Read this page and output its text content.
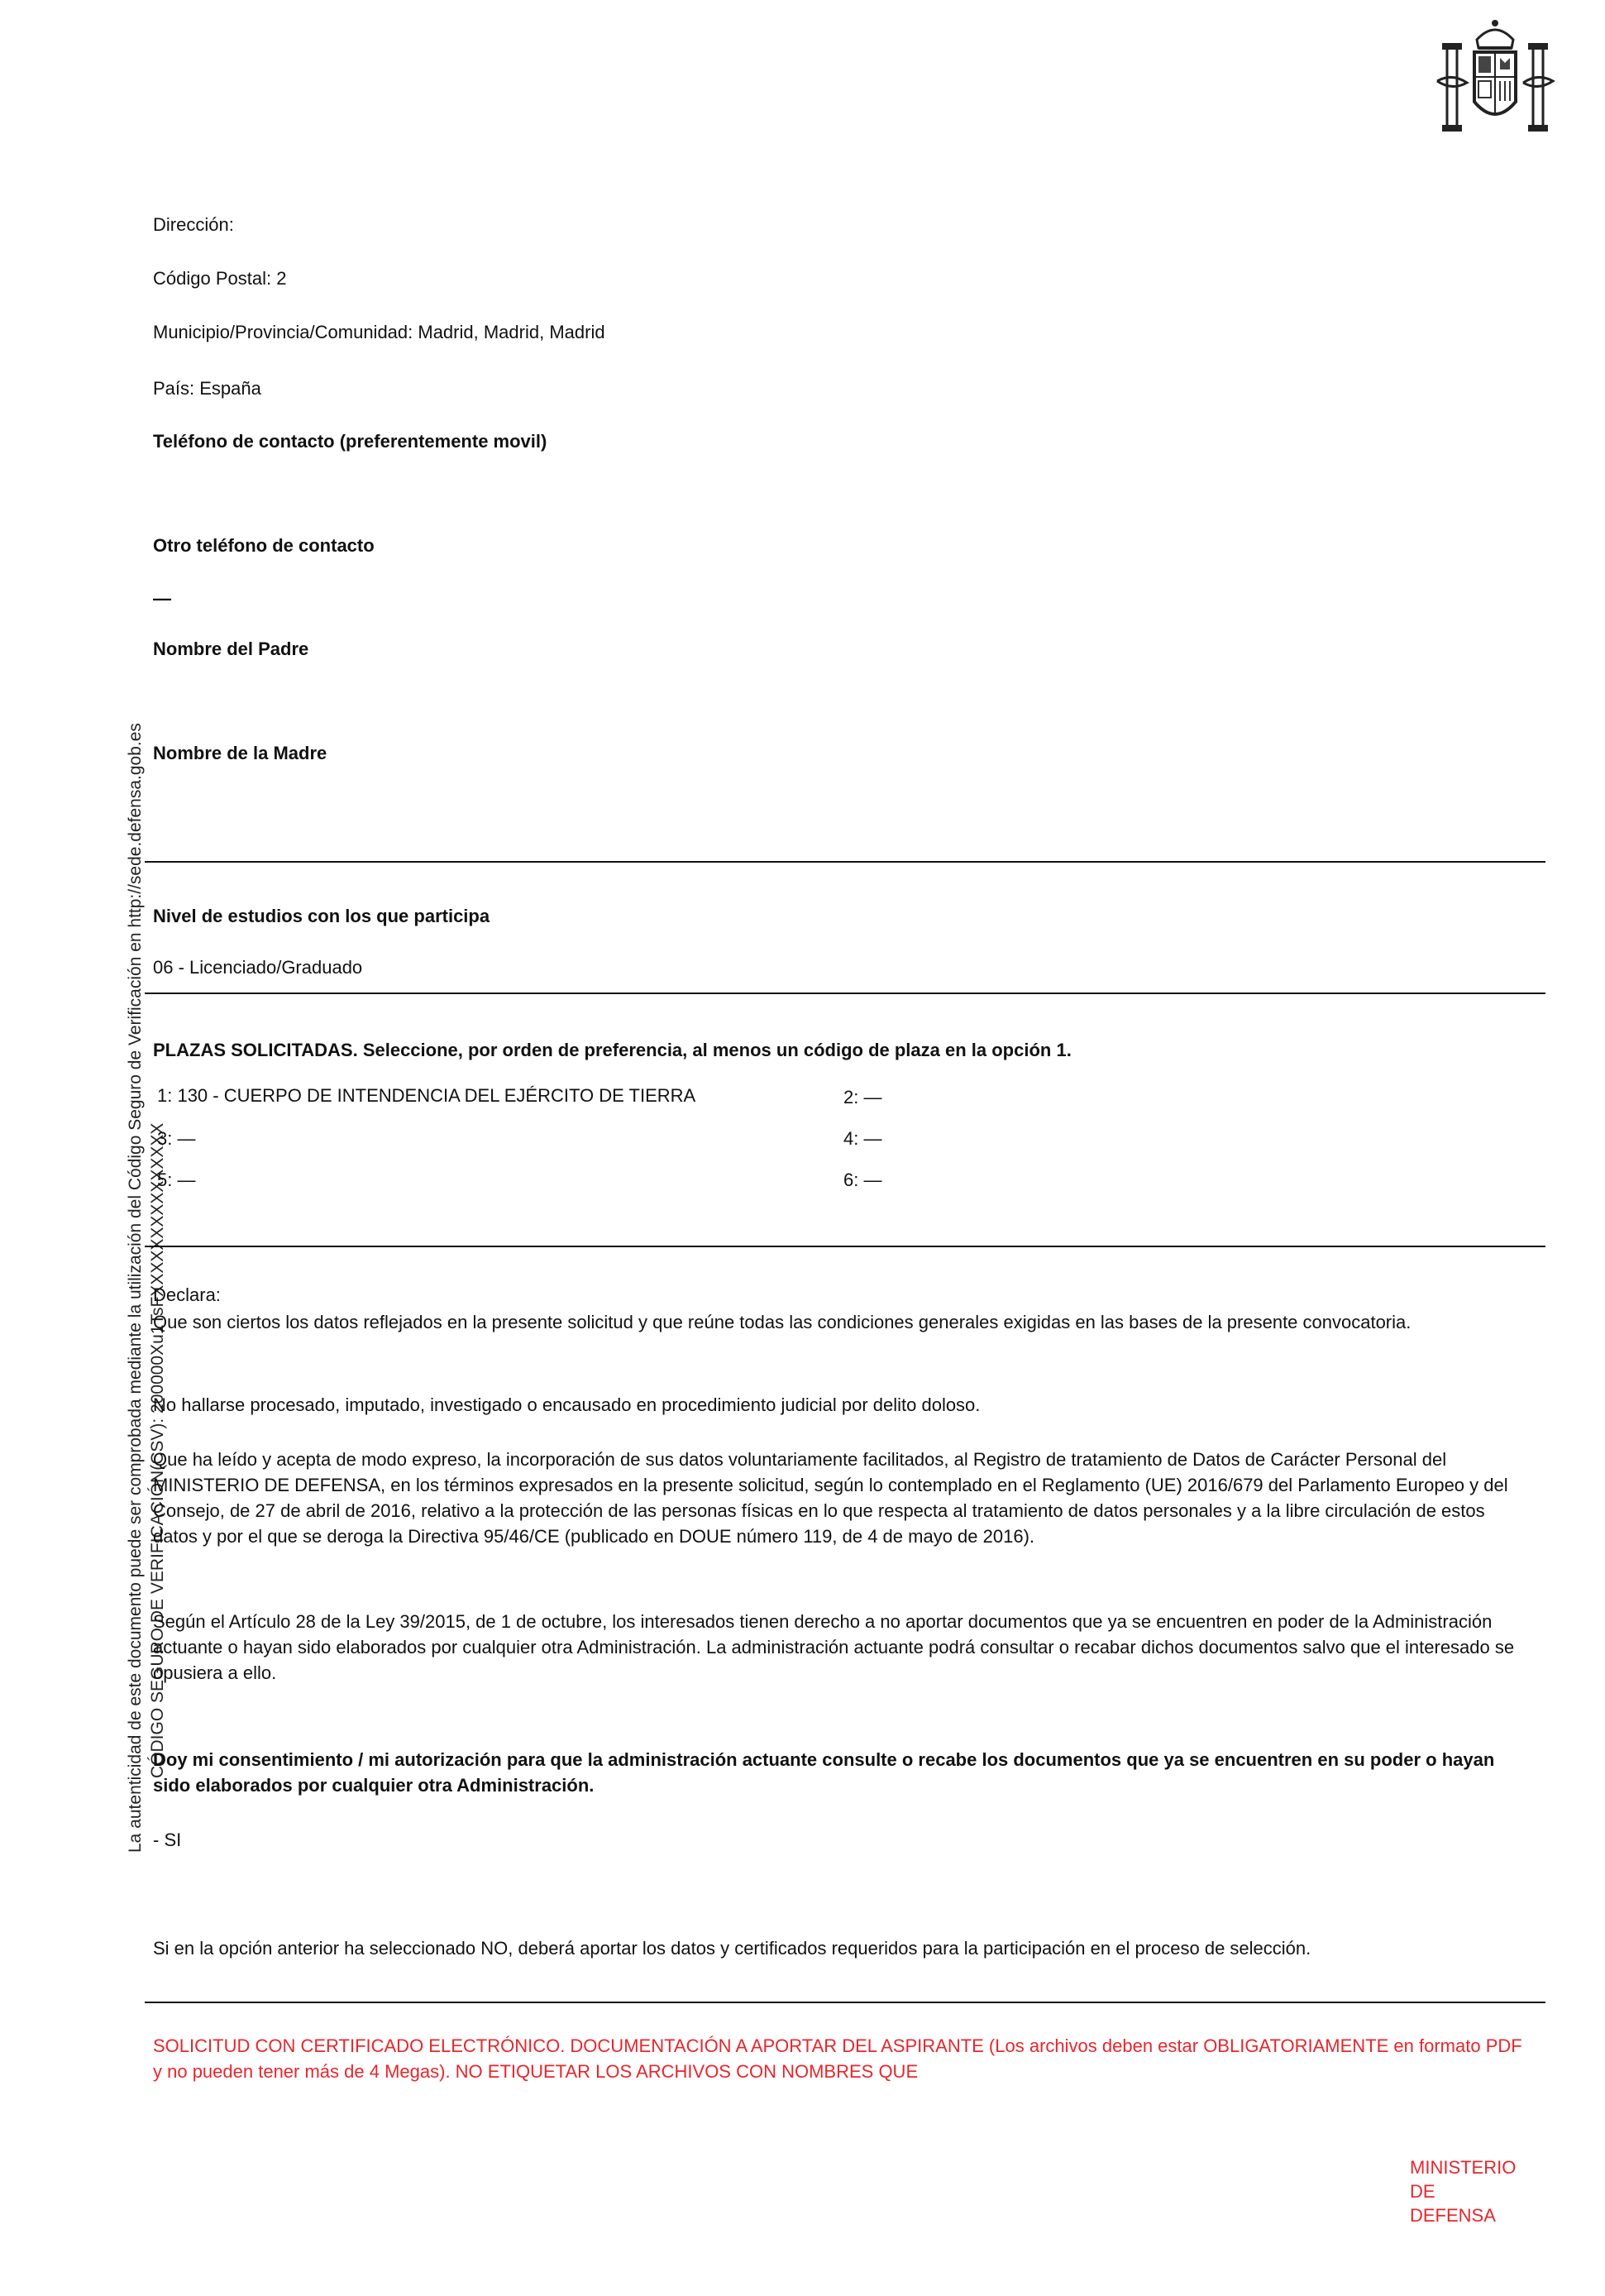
La autenticidad de este documento puede ser comprobada mediante la utilización del Código Seguro de Verificación en http://sede.defensa.gob.es CÓDIGO SEGURO DE VERIFICACIÓN(CSV): 200000Xu1TsFXXXXXXXXXXXXXXX
Dirección:
Código Postal: 2
Municipio/Provincia/Comunidad: Madrid, Madrid, Madrid
País: España
Teléfono de contacto (preferentemente movil)
Otro teléfono de contacto
—
Nombre del Padre
Nombre de la Madre
Nivel de estudios con los que participa
06 - Licenciado/Graduado
PLAZAS SOLICITADAS. Seleccione, por orden de preferencia, al menos un código de plaza en la opción 1.
1: 130 - CUERPO DE INTENDENCIA DEL EJÉRCITO DE TIERRA	2: —
3: —	4: —
5: —	6: —
Declara:
Que son ciertos los datos reflejados en la presente solicitud y que reúne todas las condiciones generales exigidas en las bases de la presente convocatoria.
No hallarse procesado, imputado, investigado o encausado en procedimiento judicial por delito doloso.
Que ha leído y acepta de modo expreso, la incorporación de sus datos voluntariamente facilitados, al Registro de tratamiento de Datos de Carácter Personal del MINISTERIO DE DEFENSA, en los términos expresados en la presente solicitud, según lo contemplado en el Reglamento (UE) 2016/679 del Parlamento Europeo y del Consejo, de 27 de abril de 2016, relativo a la protección de las personas físicas en lo que respecta al tratamiento de datos personales y a la libre circulación de estos datos y por el que se deroga la Directiva 95/46/CE (publicado en DOUE número 119, de 4 de mayo de 2016).
Según el Artículo 28 de la Ley 39/2015, de 1 de octubre, los interesados tienen derecho a no aportar documentos que ya se encuentren en poder de la Administración actuante o hayan sido elaborados por cualquier otra Administración. La administración actuante podrá consultar o recabar dichos documentos salvo que el interesado se opusiera a ello.
Doy mi consentimiento / mi autorización para que la administración actuante consulte o recabe los documentos que ya se encuentren en su poder o hayan sido elaborados por cualquier otra Administración.
- SI
Si en la opción anterior ha seleccionado NO, deberá aportar los datos y certificados requeridos para la participación en el proceso de selección.
SOLICITUD CON CERTIFICADO ELECTRÓNICO. DOCUMENTACIÓN A APORTAR DEL ASPIRANTE (Los archivos deben estar OBLIGATORIAMENTE en formato PDF y no pueden tener más de 4 Megas). NO ETIQUETAR LOS ARCHIVOS CON NOMBRES QUE
MINISTERIO
DE
DEFENSA
